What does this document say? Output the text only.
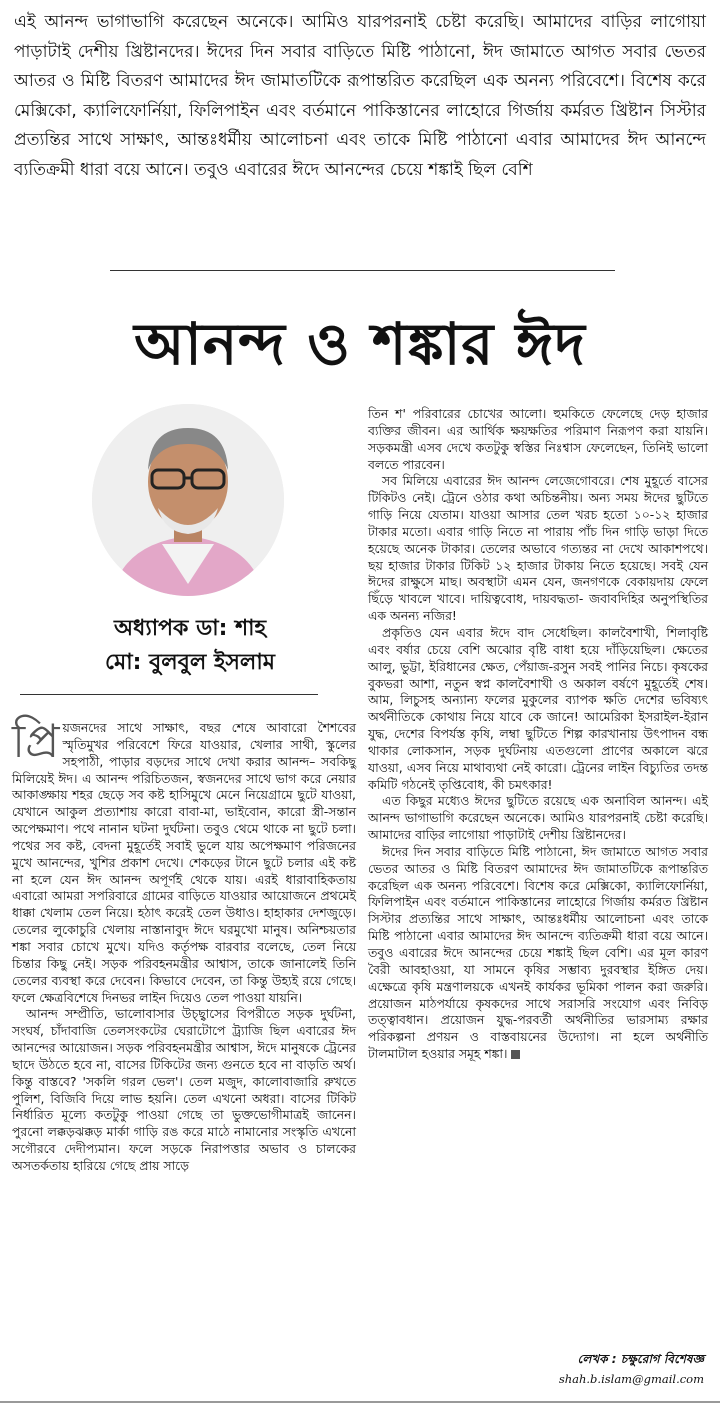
এই আনন্দ ভাগাভাগি করেছেন অনেকে। আমিও যারপরনাই চেষ্টা করেছি। আমাদের বাড়ির লাগোয়া পাড়াটাই দেশীয় খ্রিষ্টানদের। ঈদের দিন সবার বাড়িতে মিষ্টি পাঠানো, ঈদ জামাতে আগত সবার ভেতর আতর ও মিষ্টি বিতরণ আমাদের ঈদ জামাতটিকে রূপান্তরিত করেছিল এক অনন্য পরিবেশে। বিশেষ করে মেক্সিকো, ক্যালিফোর্নিয়া, ফিলিপাইন এবং বর্তমানে পাকিস্তানের লাহোরে গির্জায় কর্মরত খ্রিষ্টান সিস্টার প্রত্যন্তির সাথে সাক্ষাৎ, আন্তঃধর্মীয় আলোচনা এবং তাকে মিষ্টি পাঠানো এবার আমাদের ঈদ আনন্দে ব্যতিক্রমী ধারা বয়ে আনে। তবুও এবারের ঈদে আনন্দের চেয়ে শঙ্কাই ছিল বেশি
আনন্দ ও শঙ্কার ঈদ
অধ্যাপক ডা: শাহ
মো: বুলবুল ইসলাম

প্রি য়জনদের সাথে সাক্ষাৎ, বছর শেষে আবারো শৈশবের স্মৃতিমুখর পরিবেশে ফিরে যাওয়ার, খেলার সাথী, স্কুলের সহপাঠী, পাড়ার বড়দের সাথে দেখা করার আনন্দ– সবকিছু মিলিয়েই ঈদ। এ আনন্দ পরিচিতজন, স্বজনদের সাথে ভাগ করে নেয়ার আকাঙ্ক্ষায় শহর ছেড়ে সব কষ্ট হাসিমুখে মেনে নিয়েগ্রামে ছুটে যাওয়া, যেখানে আকুল প্রত্যাশায় কারো বাবা-মা, ভাইবোন, কারো স্ত্রী-সন্তান অপেক্ষমাণ। পথে নানান ঘটনা দুর্ঘটনা। তবুও থেমে থাকে না ছুটে চলা। পথের সব কষ্ট, বেদনা মুহূর্তেই সবাই ভুলে যায় অপেক্ষমাণ পরিজনের মুখে আনন্দের, খুশির প্রকাশ দেখে। শেকড়ের টানে ছুটে চলার এই কষ্ট না হলে যেন ঈদ আনন্দ অপূর্ণই থেকে যায়। এরই ধারাবাহিকতায় এবারো আমরা সপরিবারে গ্রামের বাড়িতে যাওয়ার আয়োজনে প্রথমেই ধাক্কা খেলাম তেল নিয়ে। হঠাৎ করেই তেল উধাও। হাহাকার দেশজুড়ে। তেলের লুকোচুরি খেলায় নাস্তানাবুদ ঈদে ঘরমুখো মানুষ। অনিশ্চয়তার শঙ্কা সবার চোখে মুখে। যদিও কর্তৃপক্ষ বারবার বলেছে, তেল নিয়ে চিন্তার কিছু নেই। সড়ক পরিবহনমন্ত্রীর আশ্বাস, তাকে জানালেই তিনি তেলের ব্যবস্থা করে দেবেন। কিভাবে দেবেন, তা কিন্তু উহ্যই রয়ে গেছে। ফলে ক্ষেত্রবিশেষে দিনভর লাইন দিয়েও তেল পাওয়া যায়নি।

আনন্দ সম্প্রীতি, ভালোবাসার উচ্ছ্বাসের বিপরীতে সড়ক দুর্ঘটনা, সংঘর্ষ, চাঁদাবাজি তেলসংকটের ঘেরাটোপে ট্র্যাজি ছিল এবারের ঈদ আনন্দের আয়োজন। সড়ক পরিবহনমন্ত্রীর আশ্বাস, ঈদে মানুষকে ট্রেনের ছাদে উঠতে হবে না, বাসের টিকিটের জন্য গুনতে হবে না বাড়তি অর্থ। কিন্তু বাস্তবে? 'সকলি গরল ভেল'। তেল মজুদ, কালোবাজারি রুখতে পুলিশ, বিজিবি দিয়ে লাভ হয়নি। তেল এখনো অধরা। বাসের টিকিট নির্ধারিত মূল্যে কতটুকু পাওয়া গেছে তা ভুক্তভোগীমাত্রই জানেন। পুরনো লক্কড়ঝক্কড় মার্কা গাড়ি রঙ করে মাঠে নামানোর সংস্কৃতি এখনো সগৌরবে দেদীপ্যমান। ফলে সড়কে নিরাপত্তার অভাব ও চালকের অসতর্কতায় হারিয়ে গেছে প্রায় সাড়ে

তিন শ' পরিবারের চোখের আলো। হুমকিতে ফেলেছে দেড় হাজার ব্যক্তির জীবন। এর আর্থিক ক্ষয়ক্ষতির পরিমাণ নিরূপণ করা যায়নি। সড়কমন্ত্রী এসব দেখে কতটুকু স্বস্তির নিঃশ্বাস ফেলেছেন, তিনিই ভালো বলতে পারবেন।

সব মিলিয়ে এবারের ঈদ আনন্দ লেজেগোবরে। শেষ মুহূর্তে বাসের টিকিটও নেই। ট্রেনে ওঠার কথা অচিন্তনীয়। অন্য সময় ঈদের ছুটিতে গাড়ি নিয়ে যেতাম। যাওয়া আসার তেল খরচ হতো ১০-১২ হাজার টাকার মতো। এবার গাড়ি নিতে না পারায় পাঁচ দিন গাড়ি ভাড়া দিতে হয়েছে অনেক টাকার। তেলের অভাবে গত্যন্তর না দেখে আকাশপথে। ছয় হাজার টাকার টিকিট ১২ হাজার টাকায় নিতে হয়েছে। সবই যেন ঈদের রাক্ষুসে মাছ। অবস্থাটা এমন যেন, জনগণকে বেকায়দায় ফেলে ছিঁড়ে খাবলে খাবে। দায়িত্ববোধ, দায়বদ্ধতা- জবাবদিহির অনুপস্থিতির এক অনন্য নজির!

প্রকৃতিও যেন এবার ঈদে বাদ সেধেছিল। কালবৈশাখী, শিলাবৃষ্টি এবং বর্ষার চেয়ে বেশি অঝোর বৃষ্টি বাধা হয়ে দাঁড়িয়েছিল। ক্ষেতের আলু, ভুট্টা, ইরিধানের ক্ষেত, পেঁয়াজ-রসুন সবই পানির নিচে। কৃষকের বুকভরা আশা, নতুন স্বপ্ন কালবৈশাখী ও অকাল বর্ষণে মুহূর্তেই শেষ। আম, লিচুসহ অন্যান্য ফলের মুকুলের ব্যাপক ক্ষতি দেশের ভবিষ্যৎ অর্থনীতিকে কোথায় নিয়ে যাবে কে জানে! আমেরিকা ইসরাইল-ইরান যুদ্ধ, দেশের বিপর্যস্ত কৃষি, লম্বা ছুটিতে শিল্প কারখানায় উৎপাদন বন্ধ থাকার লোকসান, সড়ক দুর্ঘটনায় এতগুলো প্রাণের অকালে ঝরে যাওয়া, এসব নিয়ে মাথাব্যথা নেই কারো। ট্রেনের লাইন বিচ্যুতির তদন্ত কমিটি গঠনেই তৃপ্তিবোধ, কী চমৎকার!

এত কিছুর মধ্যেও ঈদের ছুটিতে রয়েছে এক অনাবিল আনন্দ। এই আনন্দ ভাগাভাগি করেছেন অনেকে। আমিও যারপরনাই চেষ্টা করেছি। আমাদের বাড়ির লাগোয়া পাড়াটাই দেশীয় খ্রিষ্টানদের।

ঈদের দিন সবার বাড়িতে মিষ্টি পাঠানো, ঈদ জামাতে আগত সবার ভেতর আতর ও মিষ্টি বিতরণ আমাদের ঈদ জামাতটিকে রূপান্তরিত করেছিল এক অনন্য পরিবেশে। বিশেষ করে মেক্সিকো, ক্যালিফোর্নিয়া, ফিলিপাইন এবং বর্তমানে পাকিস্তানের লাহোরে গির্জায় কর্মরত খ্রিষ্টান সিস্টার প্রত্যন্তির সাথে সাক্ষাৎ, আন্তঃধর্মীয় আলোচনা এবং তাকে মিষ্টি পাঠানো এবার আমাদের ঈদ আনন্দে ব্যতিক্রমী ধারা বয়ে আনে। তবুও এবারের ঈদে আনন্দের চেয়ে শঙ্কাই ছিল বেশি। এর মূল কারণ বৈরী আবহাওয়া, যা সামনে কৃষির সম্ভাব্য দুরবস্থার ইঙ্গিত দেয়। এক্ষেত্রে কৃষি মন্ত্রণালয়কে এখনই কার্যকর ভূমিকা পালন করা জরুরি। প্রয়োজন মাঠপর্যায়ে কৃষকদের সাথে সরাসরি সংযোগ এবং নিবিড় তত্ত্বাবধান। প্রয়োজন যুদ্ধ-পরবর্তী অর্থনীতির ভারসাম্য রক্ষার পরিকল্পনা প্রণয়ন ও বাস্তবায়নের উদ্যোগ। না হলে অর্থনীতি টালমাটাল হওয়ার সমূহ শঙ্কা।

লেখক : চক্ষুরোগ বিশেষজ্ঞ
shah.b.islam@gmail.com
